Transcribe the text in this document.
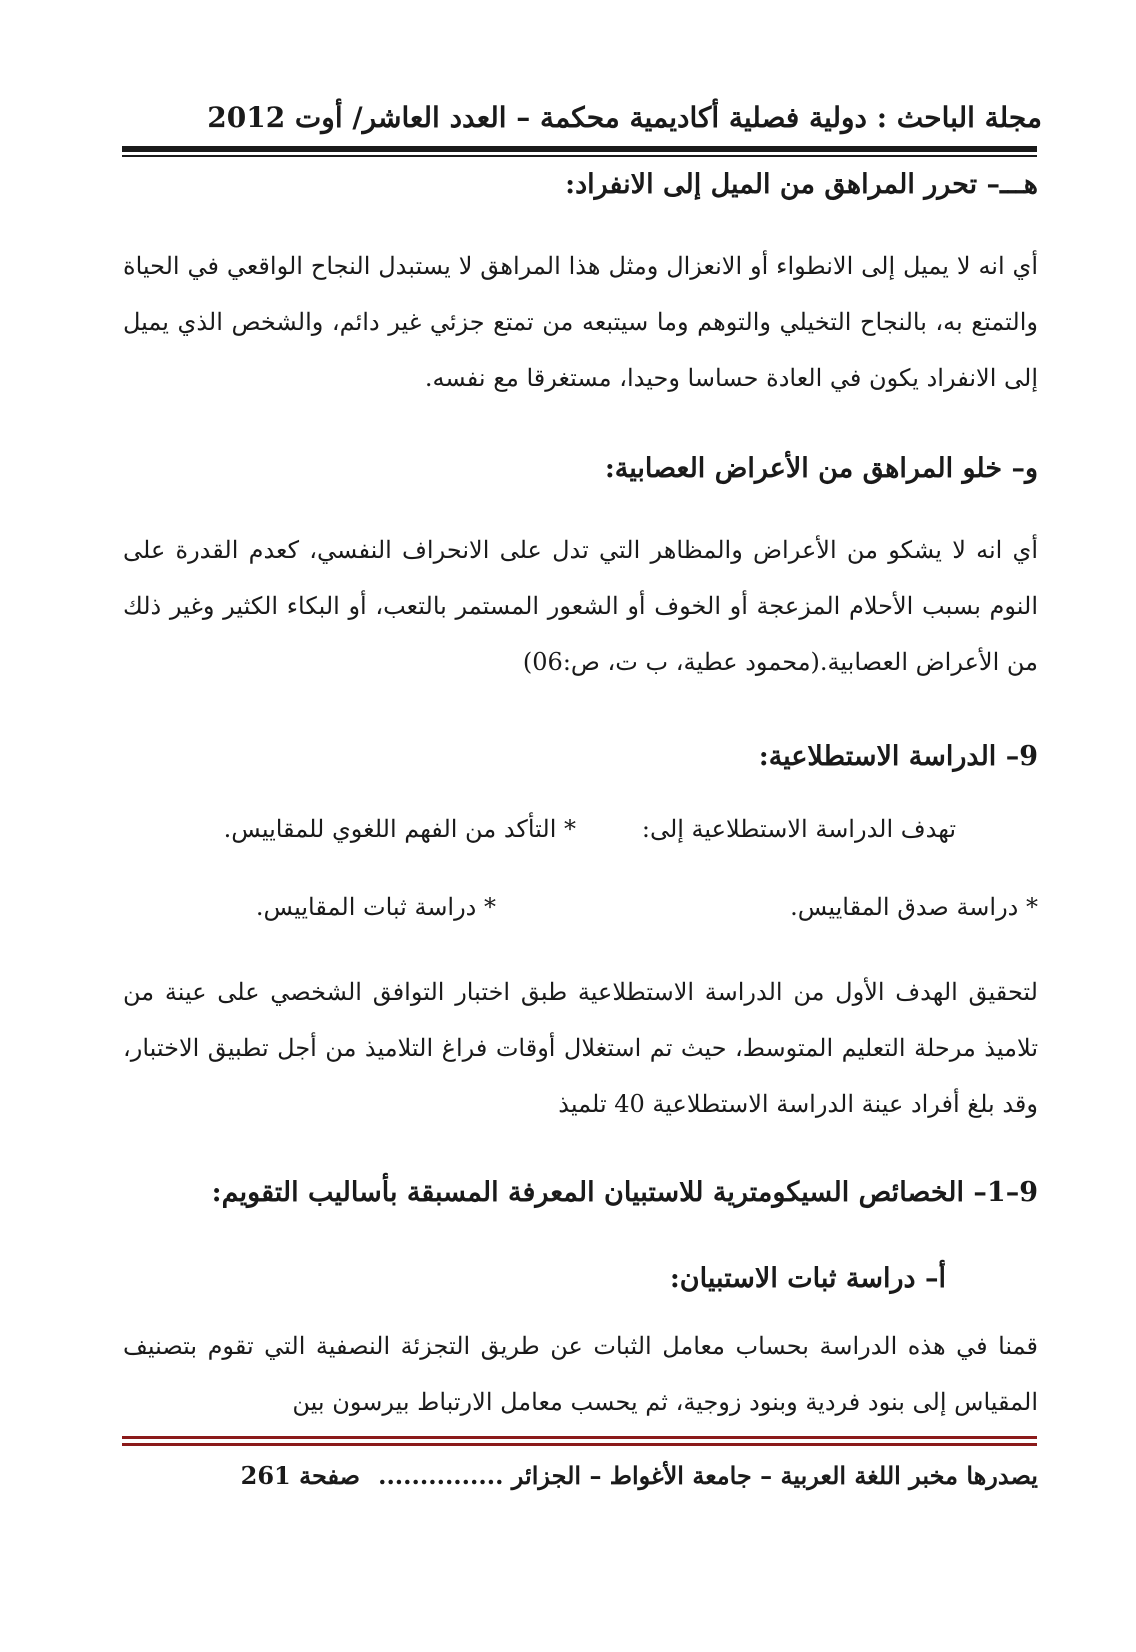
مجلة الباحث : دولية فصلية أكاديمية محكمة – العدد العاشر/ أوت 2012
هـــ– تحرر المراهق من الميل إلى الانفراد:
أي انه لا يميل إلى الانطواء أو الانعزال ومثل هذا المراهق لا يستبدل النجاح الواقعي في الحياة والتمتع به، بالنجاح التخيلي والتوهم وما سيتبعه من تمتع جزئي غير دائم، والشخص الذي يميل إلى الانفراد يكون في العادة حساسا وحيدا، مستغرقا مع نفسه.
و– خلو المراهق من الأعراض العصابية:
أي انه لا يشكو من الأعراض والمظاهر التي تدل على الانحراف النفسي، كعدم القدرة على النوم بسبب الأحلام المزعجة أو الخوف أو الشعور المستمر بالتعب، أو البكاء الكثير وغير ذلك من الأعراض العصابية.(محمود عطية، ب ت، ص:06)
9– الدراسة الاستطلاعية:
تهدف الدراسة الاستطلاعية إلى:
* التأكد من الفهم اللغوي للمقاييس.
* دراسة صدق المقاييس.
* دراسة ثبات المقاييس.
لتحقيق الهدف الأول من الدراسة الاستطلاعية طبق اختبار التوافق الشخصي على عينة من تلاميذ مرحلة التعليم المتوسط، حيث تم استغلال أوقات فراغ التلاميذ من أجل تطبيق الاختبار، وقد بلغ أفراد عينة الدراسة الاستطلاعية 40 تلميذ
9–1– الخصائص السيكومترية للاستبيان المعرفة المسبقة بأساليب التقويم:
أ– دراسة ثبات الاستبيان:
قمنا في هذه الدراسة بحساب معامل الثبات عن طريق التجزئة النصفية التي تقوم بتصنيف المقياس إلى بنود فردية وبنود زوجية، ثم يحسب معامل الارتباط بيرسون بين
يصدرها مخبر اللغة العربية – جامعة الأغواط – الجزائر ...............
صفحة 261
